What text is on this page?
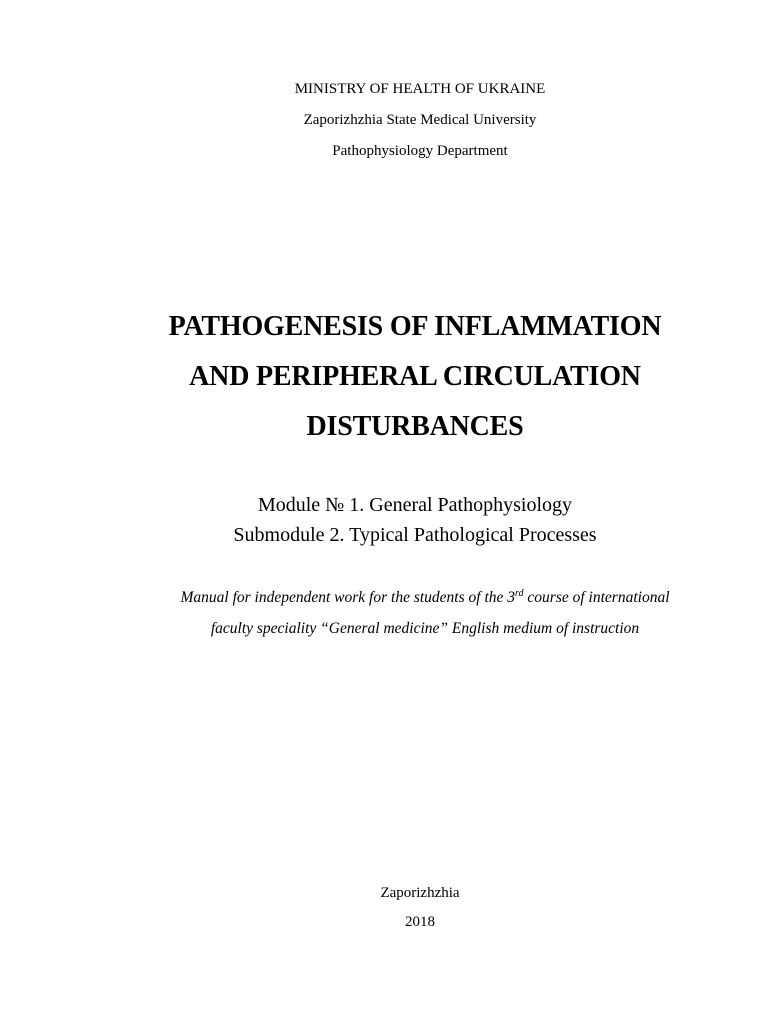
MINISTRY OF HEALTH OF UKRAINE
Zaporizhzhia State Medical University
Pathophysiology Department
PATHOGENESIS OF INFLAMMATION
AND PERIPHERAL CIRCULATION
DISTURBANCES
Module № 1. General Pathophysiology
Submodule 2. Typical Pathological Processes
Manual for independent work for the students of the 3rd course of international
faculty speciality “General medicine” English medium of instruction
Zaporizhzhia
2018
